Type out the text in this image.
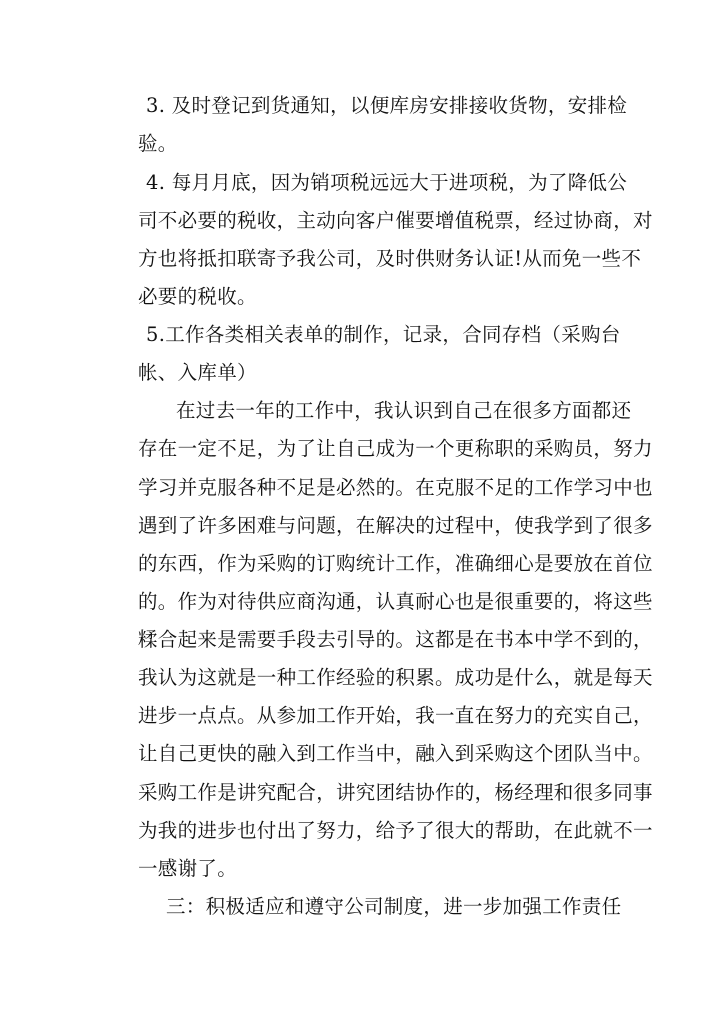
3. 及时登记到货通知，以便库房安排接收货物，安排检
验。
4. 每月月底，因为销项税远远大于进项税，为了降低公
司不必要的税收，主动向客户催要增值税票，经过协商，对
方也将抵扣联寄予我公司，及时供财务认证!从而免一些不
必要的税收。
5.工作各类相关表单的制作，记录，合同存档（采购台
帐、入库单）
在过去一年的工作中，我认识到自己在很多方面都还
存在一定不足，为了让自己成为一个更称职的采购员，努力
学习并克服各种不足是必然的。在克服不足的工作学习中也
遇到了许多困难与问题，在解决的过程中，使我学到了很多
的东西，作为采购的订购统计工作，准确细心是要放在首位
的。作为对待供应商沟通，认真耐心也是很重要的，将这些
糅合起来是需要手段去引导的。这都是在书本中学不到的，
我认为这就是一种工作经验的积累。成功是什么，就是每天
进步一点点。从参加工作开始，我一直在努力的充实自己，
让自己更快的融入到工作当中，融入到采购这个团队当中。
采购工作是讲究配合，讲究团结协作的，杨经理和很多同事
为我的进步也付出了努力，给予了很大的帮助，在此就不一
一感谢了。
三：积极适应和遵守公司制度，进一步加强工作责任
